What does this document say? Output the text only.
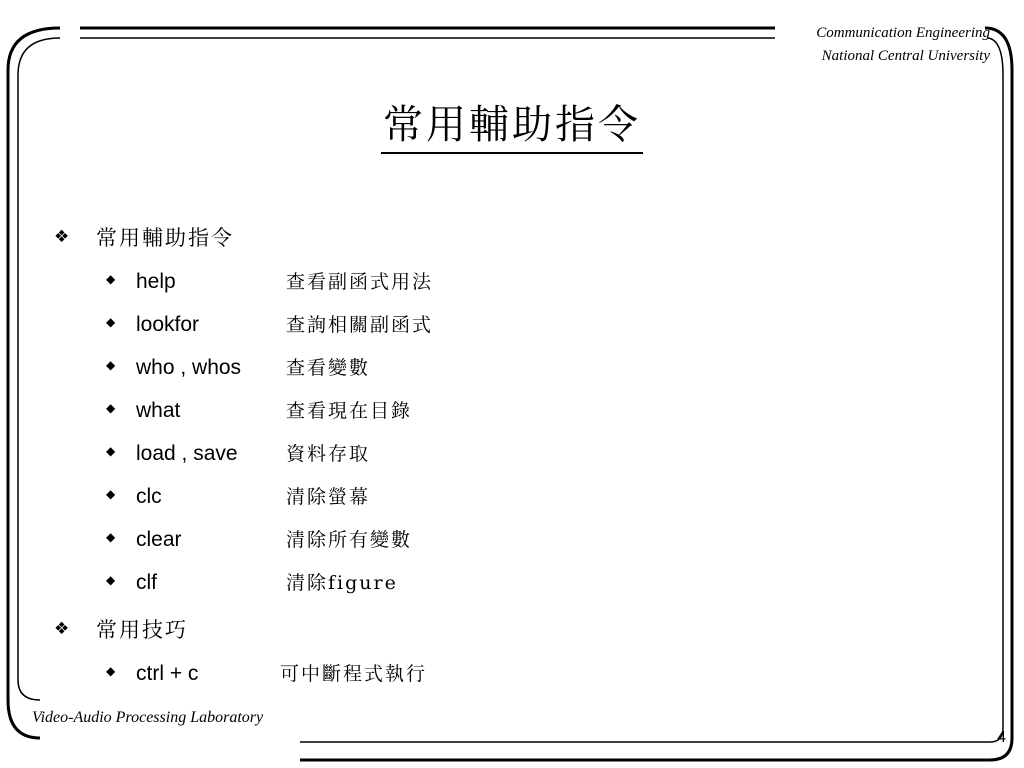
Communication Engineering
National Central University
常用輔助指令
❖	常用輔助指令
◆ help	查看副函式用法
◆ lookfor	查詢相關副函式
◆ who , whos 查看變數
◆ what	查看現在目錄
◆ load , save	資料存取
◆ clc	清除螢幕
◆ clear	清除所有變數
◆ clf	清除figure
❖	常用技巧
◆ ctrl + c	可中斷程式執行
Video-Audio Processing Laboratory
4
